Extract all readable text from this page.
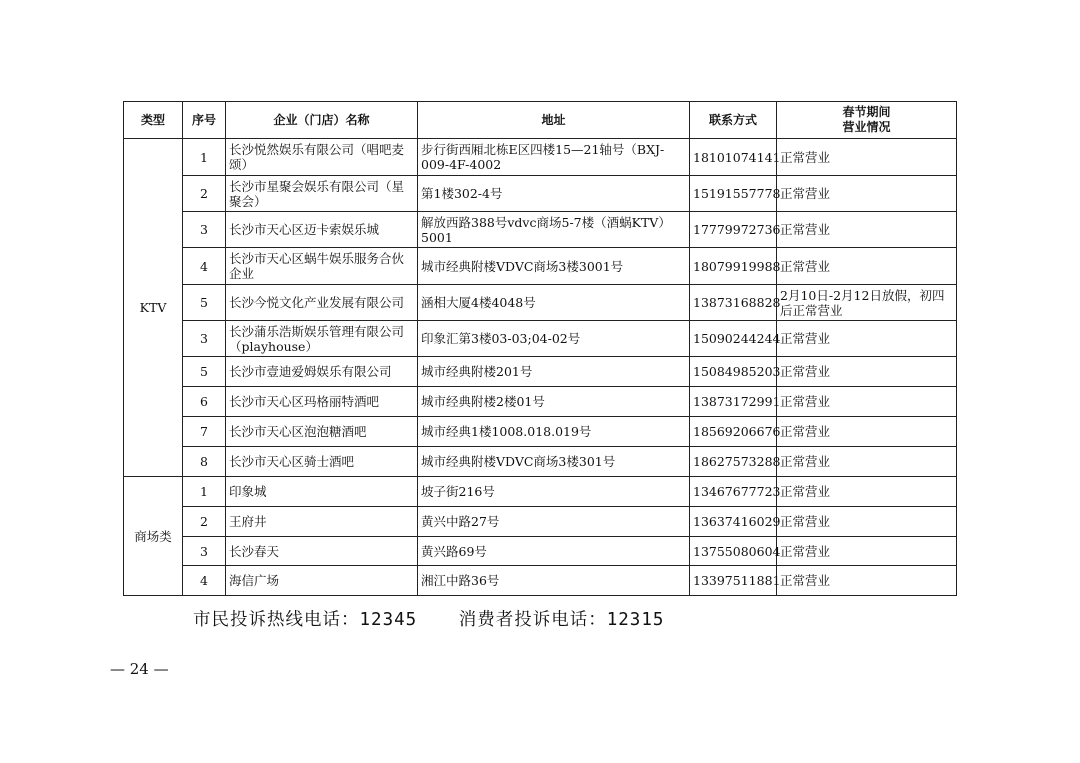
类型	序号	企业（门店）名称	地址	联系方式	春节期间
营业情况

KTV	1	长沙悦然娱乐有限公司（唱吧麦颂）	步行街西厢北栋E区四楼15—21轴号（BXJ-009-4F-4002	18101074141	正常营业
	2	长沙市星聚会娱乐有限公司（星聚会）	第1楼302-4号	15191557778	正常营业
	3	长沙市天心区迈卡索娱乐城	解放西路388号vdvc商场5-7楼（酒蜗KTV）5001	17779972736	正常营业
	4	长沙市天心区蜗牛娱乐服务合伙企业	城市经典附楼VDVC商场3楼3001号	18079919988	正常营业
	5	长沙今悦文化产业发展有限公司	涵相大厦4楼4048号	13873168828	2月10日-2月12日放假，初四后正常营业
	3	长沙蒲乐浩斯娱乐管理有限公司（playhouse）	印象汇第3楼03-03;04-02号	15090244244	正常营业
	5	长沙市壹迪爱姆娱乐有限公司	城市经典附楼201号	15084985203	正常营业
	6	长沙市天心区玛格丽特酒吧	城市经典附楼2楼01号	13873172991	正常营业
	7	长沙市天心区泡泡糖酒吧	城市经典1楼1008.018.019号	18569206676	正常营业
	8	长沙市天心区骑士酒吧	城市经典附楼VDVC商场3楼301号	18627573288	正常营业
商场类	1	印象城	坡子街216号	13467677723	正常营业
	2	王府井	黄兴中路27号	13637416029	正常营业
	3	长沙春天	黄兴路69号	13755080604	正常营业
	4	海信广场	湘江中路36号	13397511881	正常营业
市民投诉热线电话：12345 消费者投诉电话：12315
— 24 —
